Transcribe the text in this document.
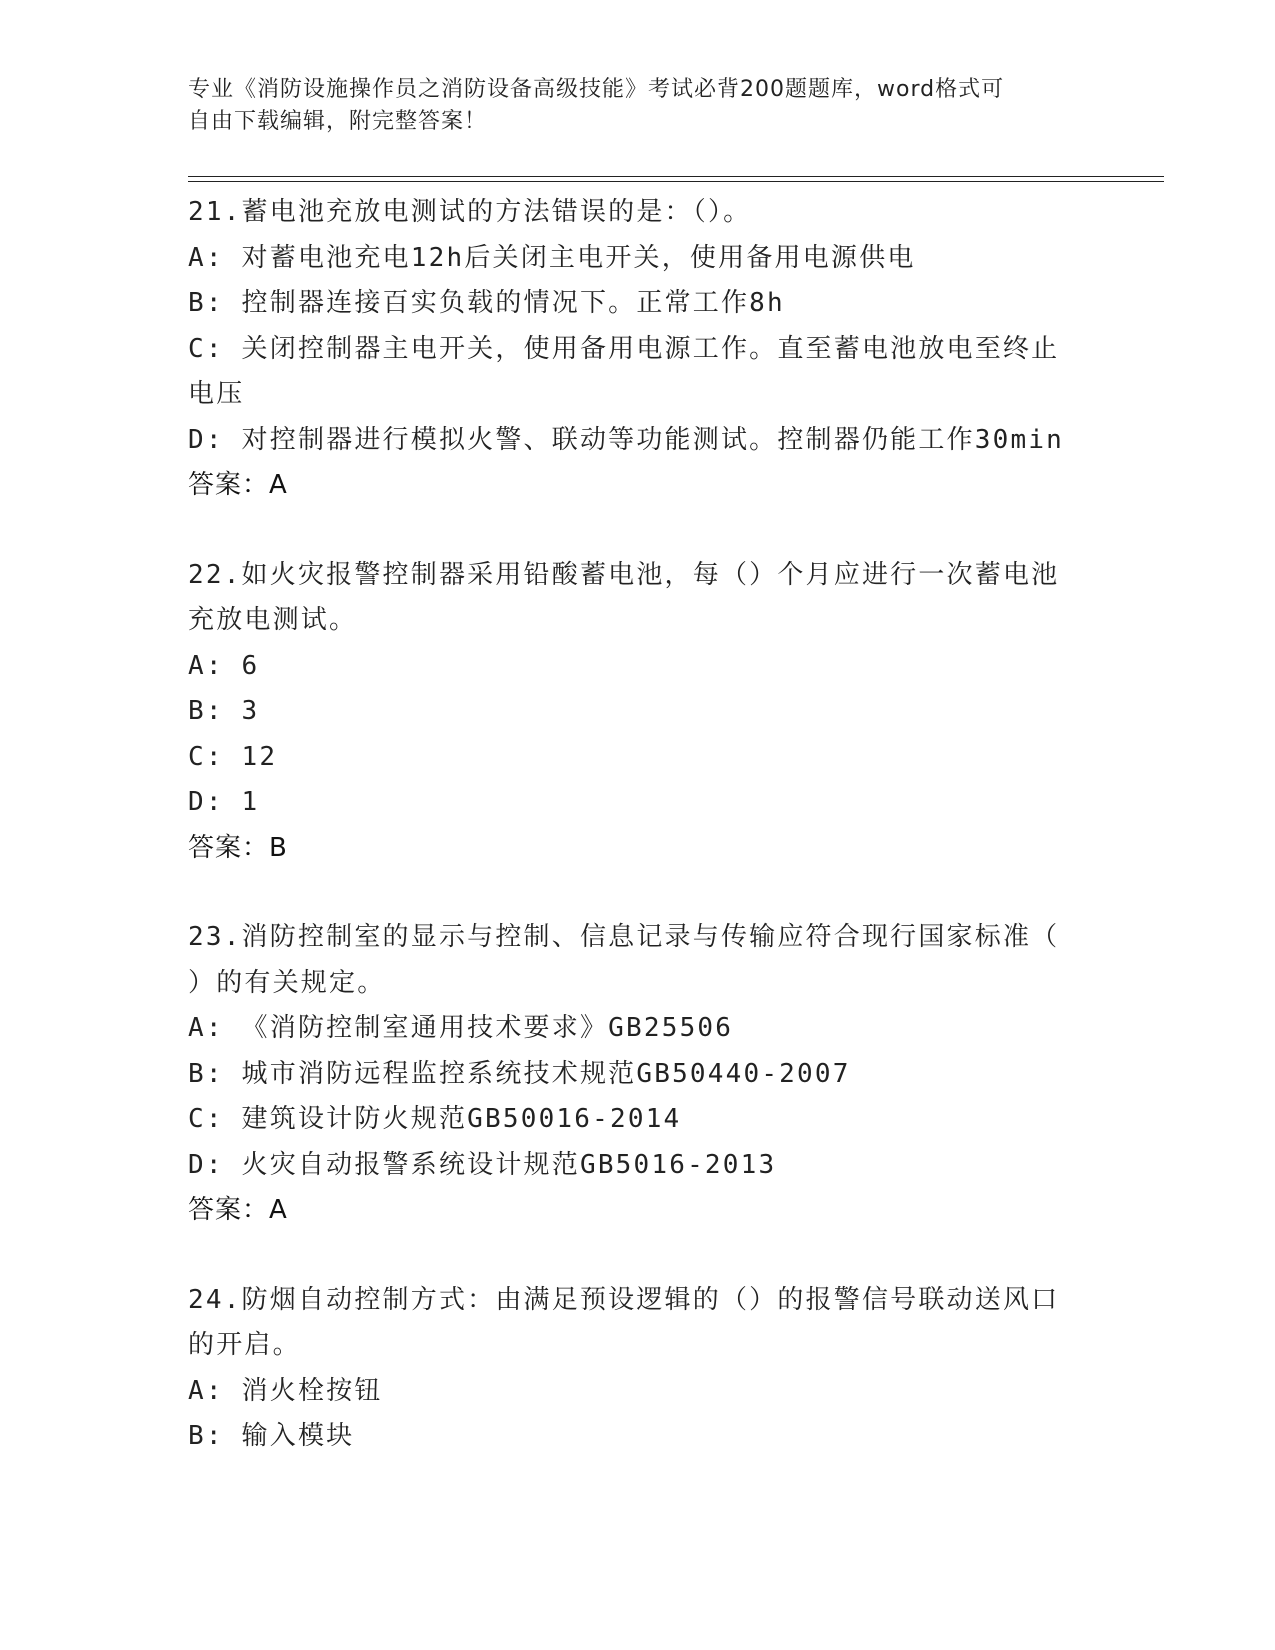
专业《消防设施操作员之消防设备高级技能》考试必背200题题库，word格式可
自由下载编辑，附完整答案！
21.蓄电池充放电测试的方法错误的是：（）。
A: 对蓄电池充电12h后关闭主电开关，使用备用电源供电
B: 控制器连接百实负载的情况下。正常工作8h
C: 关闭控制器主电开关，使用备用电源工作。直至蓄电池放电至终止
电压
D: 对控制器进行模拟火警、联动等功能测试。控制器仍能工作30min
答案：A
22.如火灾报警控制器采用铅酸蓄电池，每（）个月应进行一次蓄电池
充放电测试。
A: 6
B: 3
C: 12
D: 1
答案：B
23.消防控制室的显示与控制、信息记录与传输应符合现行国家标准（
）的有关规定。
A: 《消防控制室通用技术要求》GB25506
B: 城市消防远程监控系统技术规范GB50440-2007
C: 建筑设计防火规范GB50016-2014
D: 火灾自动报警系统设计规范GB5016-2013
答案：A
24.防烟自动控制方式：由满足预设逻辑的（）的报警信号联动送风口
的开启。
A: 消火栓按钮
B: 输入模块
